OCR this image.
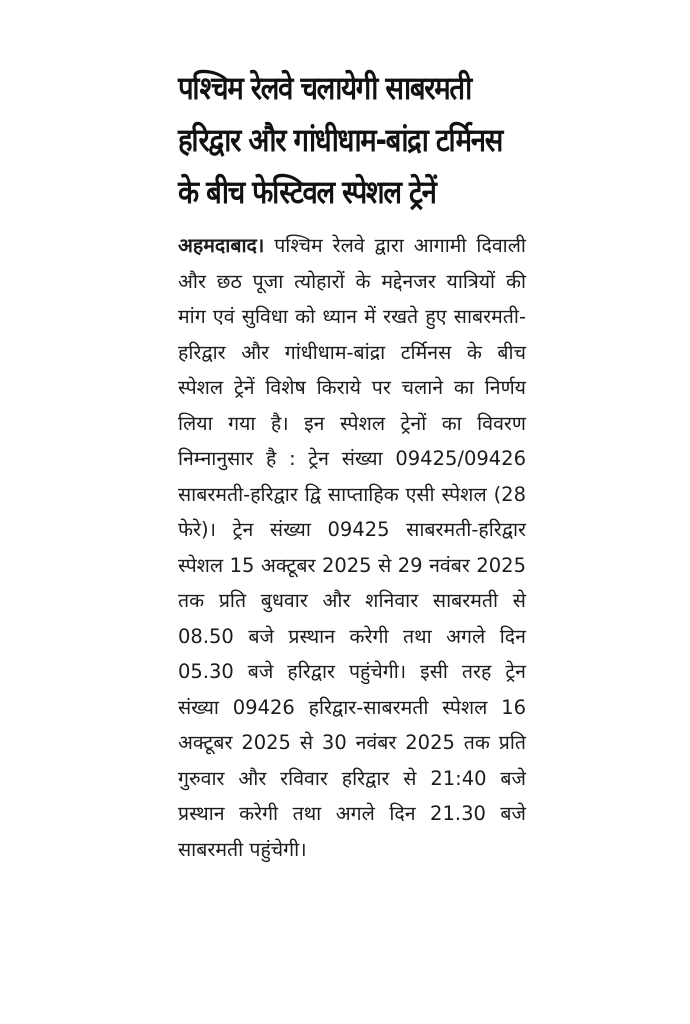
पश्चिम रेलवे चलायेगी साबरमती
हरिद्वार और गांधीधाम-बांद्रा टर्मिनस
के बीच फेस्टिवल स्पेशल ट्रेनें

अहमदाबाद। पश्चिम रेलवे द्वारा आगामी दिवाली और छठ पूजा त्योहारों के मद्देनजर यात्रियों की मांग एवं सुविधा को ध्यान में रखते हुए साबरमती-हरिद्वार और गांधीधाम-बांद्रा टर्मिनस के बीच स्पेशल ट्रेनें विशेष किराये पर चलाने का निर्णय लिया गया है। इन स्पेशल ट्रेनों का विवरण निम्नानुसार है : ट्रेन संख्या 09425/09426 साबरमती-हरिद्वार द्वि साप्ताहिक एसी स्पेशल (28 फेरे)। ट्रेन संख्या 09425 साबरमती-हरिद्वार स्पेशल 15 अक्टूबर 2025 से 29 नवंबर 2025 तक प्रति बुधवार और शनिवार साबरमती से 08.50 बजे प्रस्थान करेगी तथा अगले दिन 05.30 बजे हरिद्वार पहुंचेगी। इसी तरह ट्रेन संख्या 09426 हरिद्वार-साबरमती स्पेशल 16 अक्टूबर 2025 से 30 नवंबर 2025 तक प्रति गुरुवार और रविवार हरिद्वार से 21:40 बजे प्रस्थान करेगी तथा अगले दिन 21.30 बजे साबरमती पहुंचेगी।
